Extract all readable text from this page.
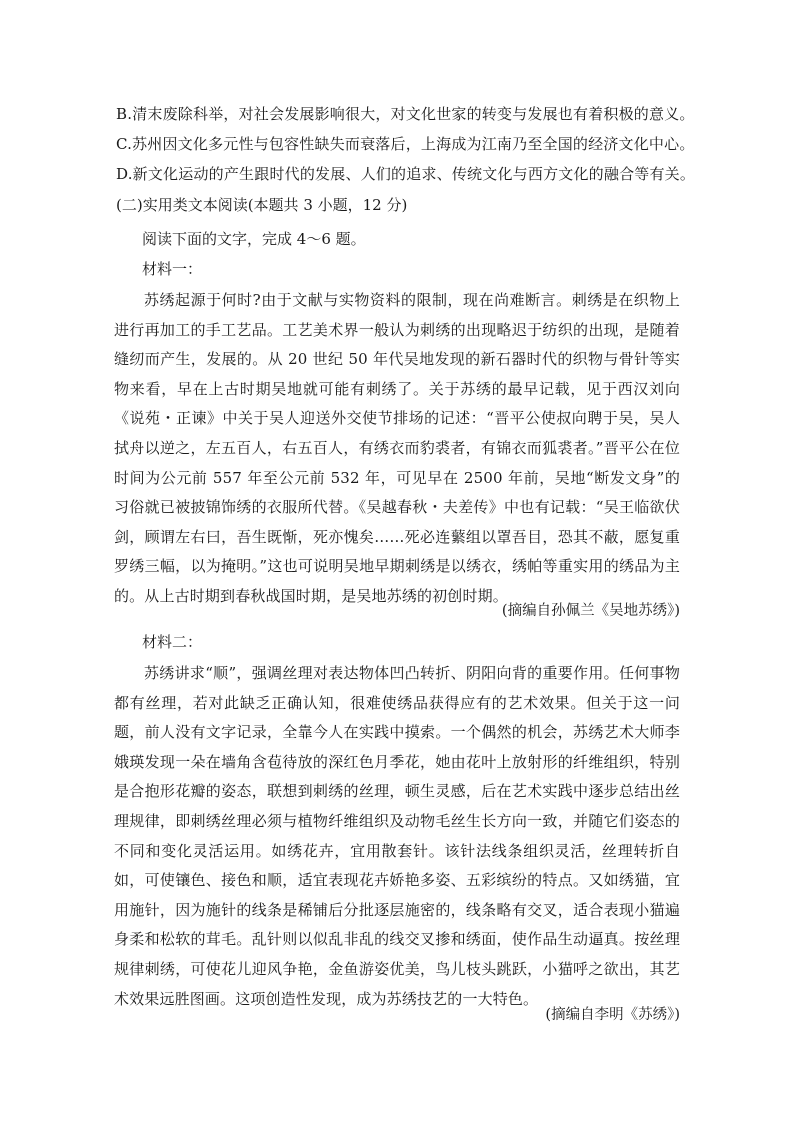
B.清末废除科举，对社会发展影响很大，对文化世家的转变与发展也有着积极的意义。
C.苏州因文化多元性与包容性缺失而衰落后，上海成为江南乃至全国的经济文化中心。
D.新文化运动的产生跟时代的发展、人们的追求、传统文化与西方文化的融合等有关。
(二)实用类文本阅读(本题共 3 小题，12 分)
阅读下面的文字，完成 4～6 题。
材料一：
苏绣起源于何时?由于文献与实物资料的限制，现在尚难断言。刺绣是在织物上进行再加工的手工艺品。工艺美术界一般认为刺绣的出现略迟于纺织的出现，是随着缝纫而产生，发展的。从 20 世纪 50 年代吴地发现的新石器时代的织物与骨针等实物来看，早在上古时期吴地就可能有刺绣了。关于苏绣的最早记载，见于西汉刘向《说苑・正谏》中关于吴人迎送外交使节排场的记述：“晋平公使叔向聘于吴，吴人拭舟以逆之，左五百人，右五百人，有绣衣而豹裘者，有锦衣而狐裘者。”晋平公在位时间为公元前 557 年至公元前 532 年，可见早在 2500 年前，吴地“断发文身”的习俗就已被披锦饰绣的衣服所代替。《吴越春秋・夫差传》中也有记载：“吴王临欲伏剑，顾谓左右曰，吾生既惭，死亦愧矣……死必连蘩组以罩吾目，恐其不蔽，愿复重罗绣三幅，以为掩明。”这也可说明吴地早期刺绣是以绣衣，绣帕等重实用的绣品为主的。从上古时期到春秋战国时期，是吴地苏绣的初创时期。
(摘编自孙佩兰《吴地苏绣》)
材料二：
苏绣讲求“顺”，强调丝理对表达物体凹凸转折、阴阳向背的重要作用。任何事物都有丝理，若对此缺乏正确认知，很难使绣品获得应有的艺术效果。但关于这一问题，前人没有文字记录，全靠今人在实践中摸索。一个偶然的机会，苏绣艺术大师李娥瑛发现一朵在墙角含苞待放的深红色月季花，她由花叶上放射形的纤维组织，特别是合抱形花瓣的姿态，联想到刺绣的丝理，顿生灵感，后在艺术实践中逐步总结出丝理规律，即刺绣丝理必须与植物纤维组织及动物毛丝生长方向一致，并随它们姿态的不同和变化灵活运用。如绣花卉，宜用散套针。该针法线条组织灵活，丝理转折自如，可使镶色、接色和顺，适宜表现花卉娇艳多姿、五彩缤纷的特点。又如绣猫，宜用施针，因为施针的线条是稀铺后分批逐层施密的，线条略有交叉，适合表现小猫遍身柔和松软的茸毛。乱针则以似乱非乱的线交叉掺和绣面，使作品生动逼真。按丝理规律刺绣，可使花儿迎风争艳，金鱼游姿优美，鸟儿枝头跳跃，小猫呼之欲出，其艺术效果远胜图画。这项创造性发现，成为苏绣技艺的一大特色。
(摘编自李明《苏绣》)
